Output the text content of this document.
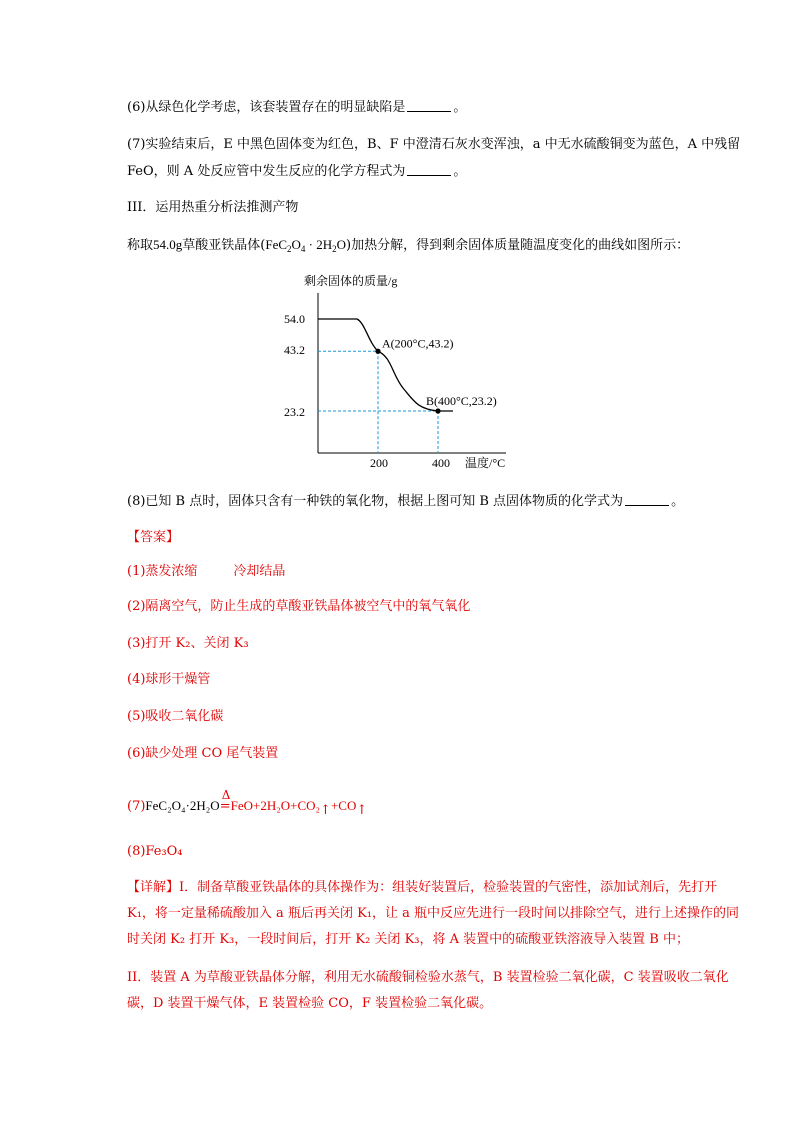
(6)从绿色化学考虑，该套装置存在的明显缺陷是	。
(7)实验结束后，E 中黑色固体变为红色，B、F 中澄清石灰水变浑浊，a 中无水硫酸铜变为蓝色，A 中残留
FeO，则 A 处反应管中发生反应的化学方程式为	。
III．运用热重分析法推测产物
称取54.0g草酸亚铁晶体$(FeC_2O_4 \cdot 2H_2O)$加热分解，得到剩余固体质量随温度变化的曲线如图所示：
剩余固体的质量/g
54.0
43.2
23.2
200	400 温度/°C
A(200°C,43.2)
B(400°C,23.2)
(8)已知 B 点时，固体只含有一种铁的氧化物，根据上图可知 B 点固体物质的化学式为	。
【答案】
(1)蒸发浓缩	冷却结晶
(2)隔离空气，防止生成的草酸亚铁晶体被空气中的氧气氧化
(3)打开 K₂、关闭 K₃
(4)球形干燥管
(5)吸收二氧化碳
(6)缺少处理 CO 尾气装置
(7)FeC₂O₄·2H₂O
Δ
=FeO+2H₂O+CO₂↑+CO↑
(8)Fe₃O₄
【详解】I．制备草酸亚铁晶体的具体操作为：组装好装置后，检验装置的气密性，添加试剂后，先打开
K₁，将一定量稀硫酸加入 a 瓶后再关闭 K₁，让 a 瓶中反应先进行一段时间以排除空气，进行上述操作的同
时关闭 K₂ 打开 K₃，一段时间后，打开 K₂ 关闭 K₃，将 A 装置中的硫酸亚铁溶液导入装置 B 中；
II．装置 A 为草酸亚铁晶体分解，利用无水硫酸铜检验水蒸气，B 装置检验二氧化碳，C 装置吸收二氧化
碳，D 装置干燥气体，E 装置检验 CO，F 装置检验二氧化碳。
